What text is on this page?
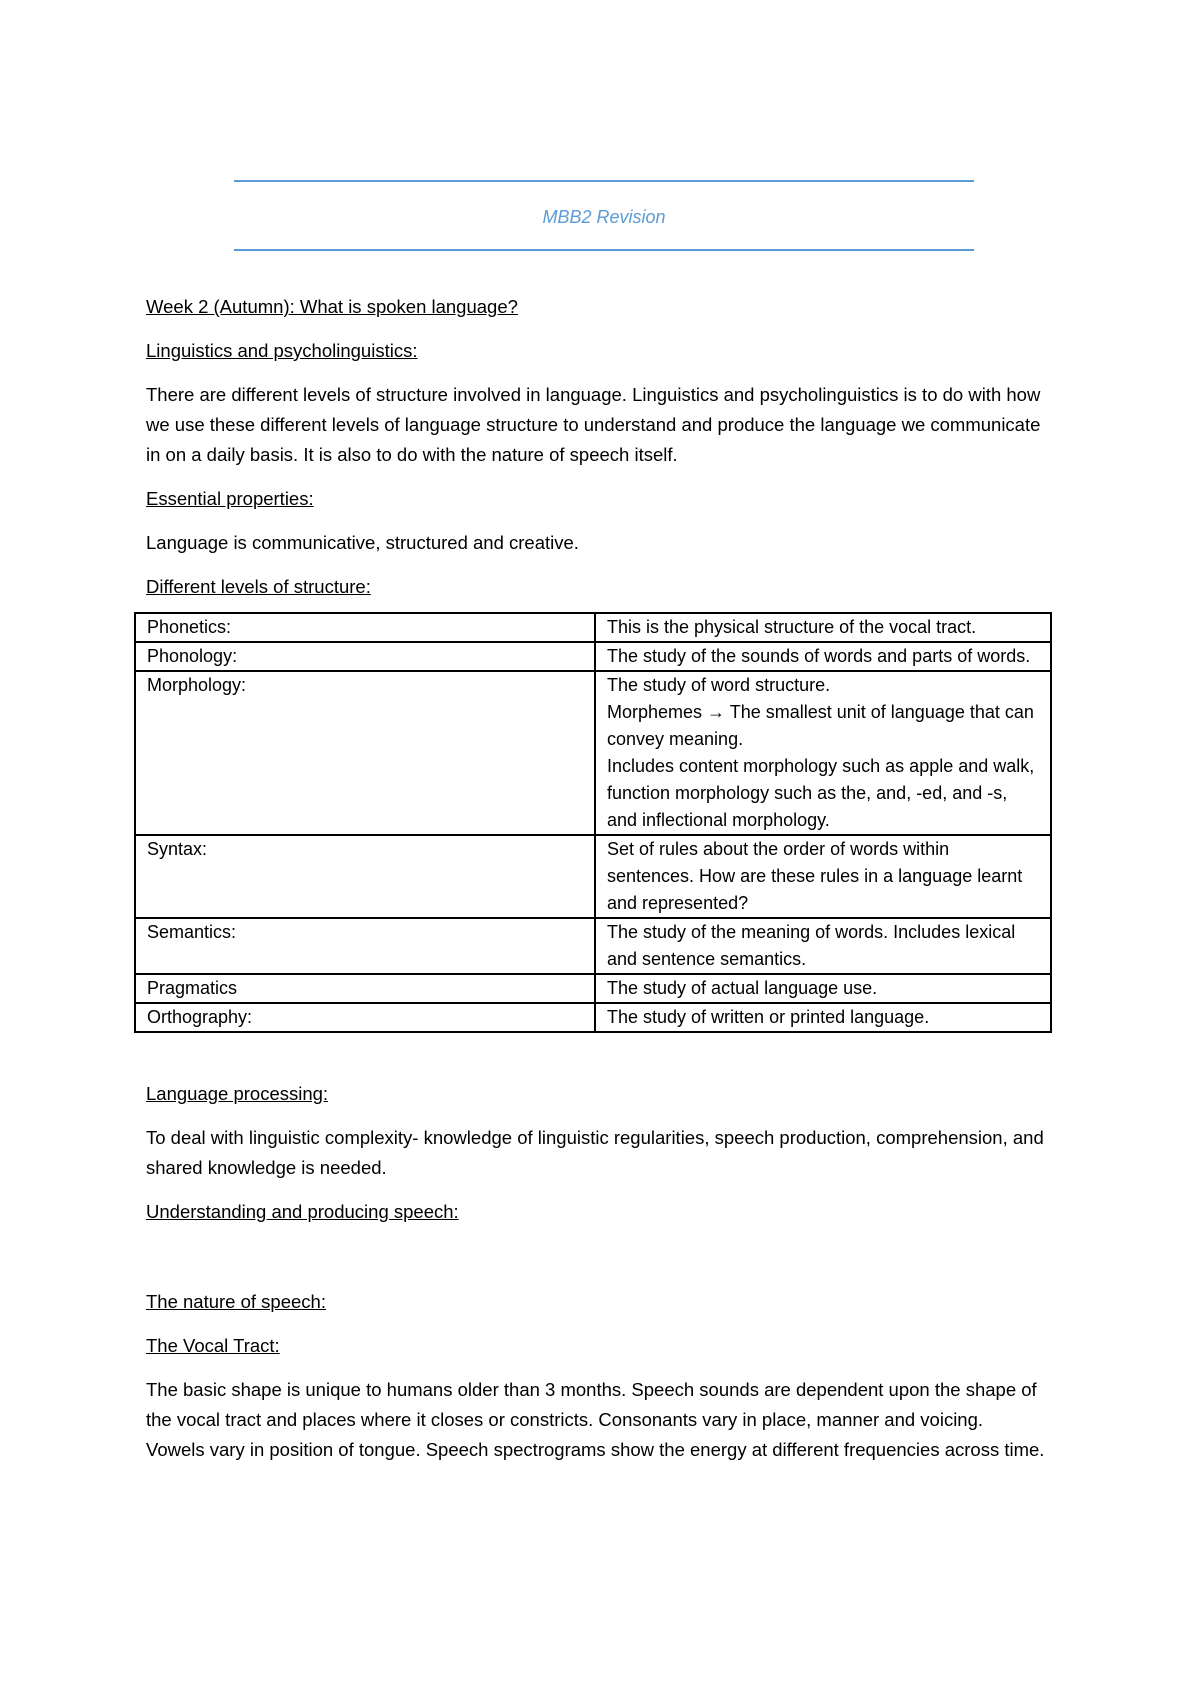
MBB2 Revision
Week 2 (Autumn): What is spoken language?
Linguistics and psycholinguistics:
There are different levels of structure involved in language. Linguistics and psycholinguistics is to do with how we use these different levels of language structure to understand and produce the language we communicate in on a daily basis. It is also to do with the nature of speech itself.
Essential properties:
Language is communicative, structured and creative.
Different levels of structure:
Phonetics:	This is the physical structure of the vocal tract.
Phonology:	The study of the sounds of words and parts of words.
Morphology:	The study of word structure.
Morphemes → The smallest unit of language that can convey meaning.
Includes content morphology such as apple and walk, function morphology such as the, and, -ed, and -s, and inflectional morphology.

Syntax:	Set of rules about the order of words within sentences. How are these rules in a language learnt and represented?
Semantics:	The study of the meaning of words. Includes lexical and sentence semantics.
Pragmatics	The study of actual language use.
Orthography:	The study of written or printed language.
Language processing:
To deal with linguistic complexity- knowledge of linguistic regularities, speech production, comprehension, and shared knowledge is needed.
Understanding and producing speech:
The nature of speech:
The Vocal Tract:
The basic shape is unique to humans older than 3 months. Speech sounds are dependent upon the shape of the vocal tract and places where it closes or constricts. Consonants vary in place, manner and voicing. Vowels vary in position of tongue. Speech spectrograms show the energy at different frequencies across time.
